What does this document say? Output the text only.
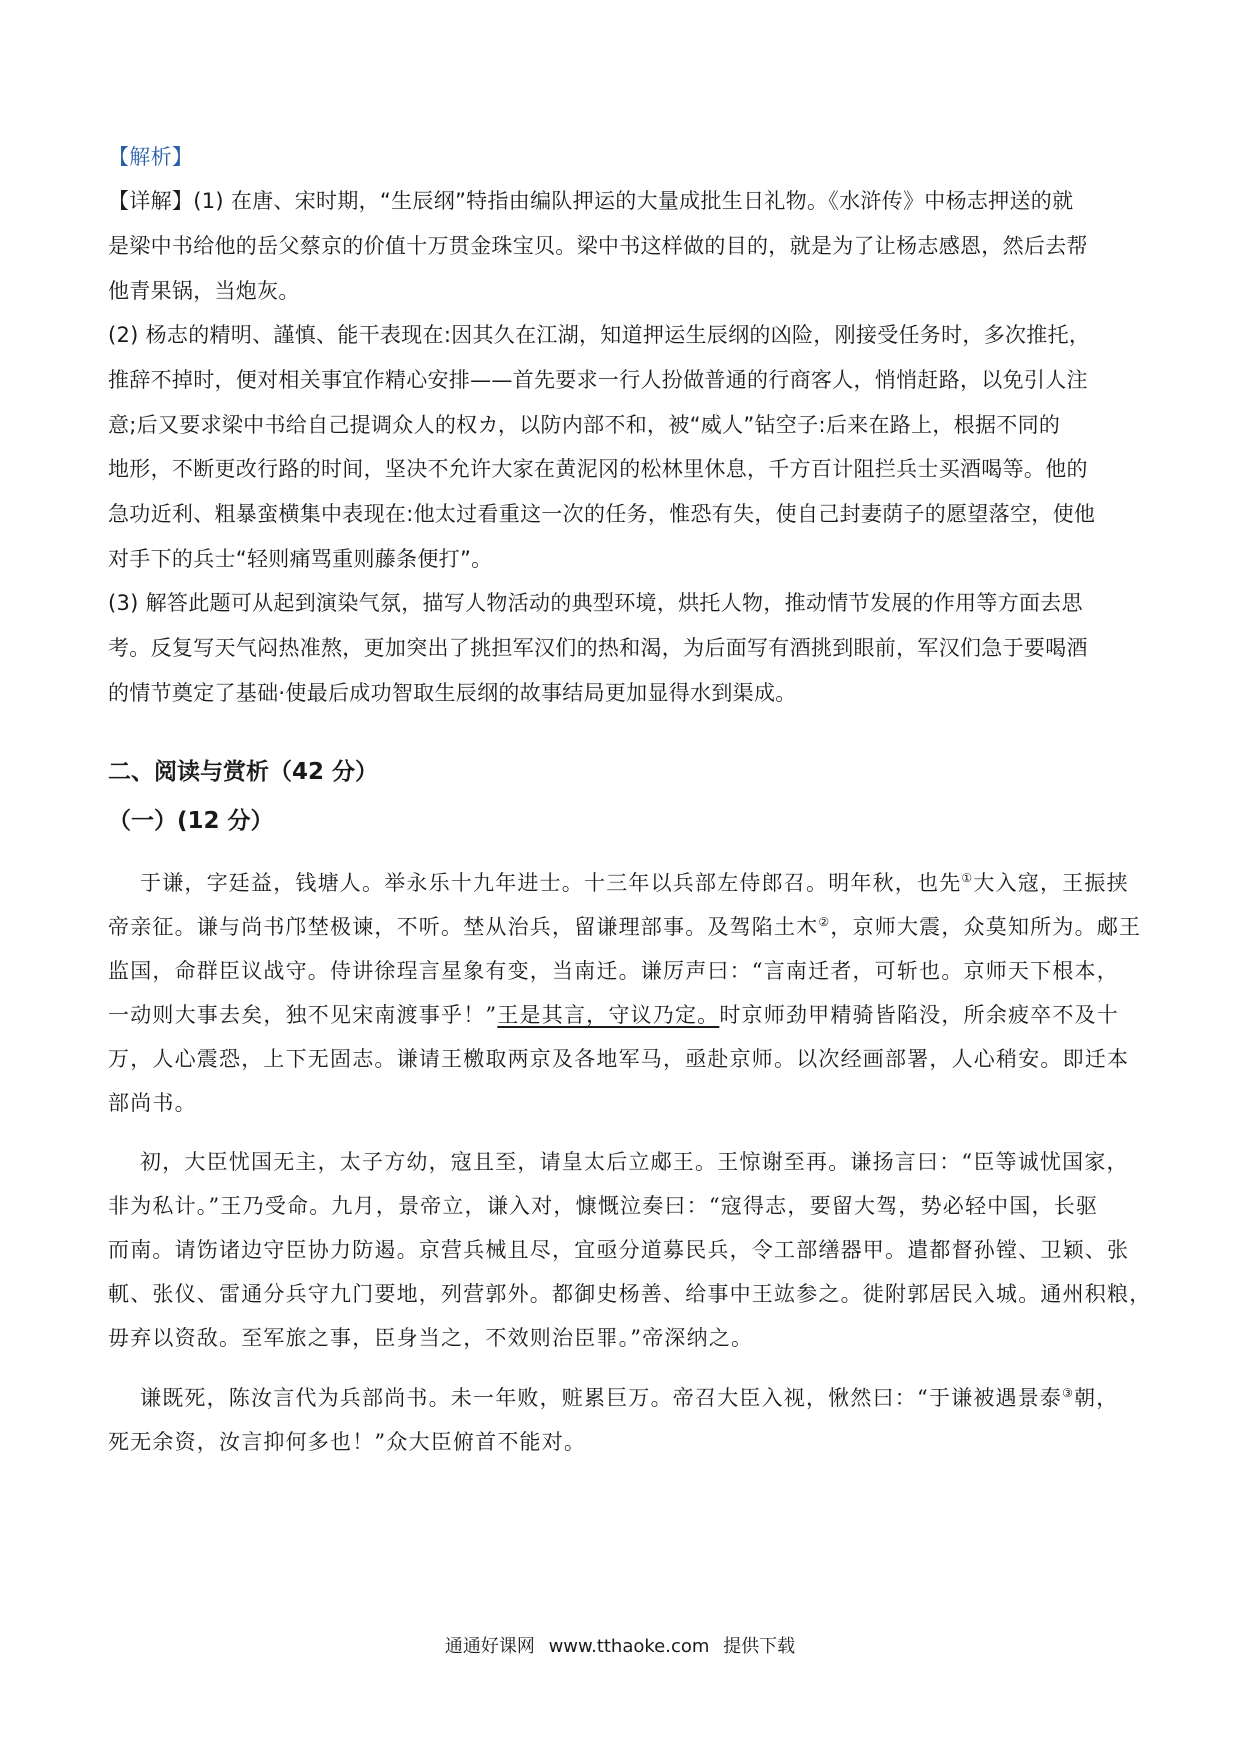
【解析】
【详解】(1) 在唐、宋时期，“生辰纲”特指由编队押运的大量成批生日礼物。《水浒传》中杨志押送的就
是梁中书给他的岳父蔡京的价值十万贯金珠宝贝。梁中书这样做的目的，就是为了让杨志感恩，然后去帮
他青果锅，当炮灰。
(2) 杨志的精明、謹慎、能干表现在:因其久在江湖，知道押运生辰纲的凶险，刚接受任务时，多次推托，
推辞不掉时，便对相关事宜作精心安排——首先要求一行人扮做普通的行商客人，悄悄赶路，以免引人注
意;后又要求梁中书给自己提调众人的权カ，以防内部不和，被“威人”钻空子:后来在路上，根据不同的
地形，不断更改行路的时间，坚决不允许大家在黄泥冈的松林里休息，千方百计阻拦兵士买酒喝等。他的
急功近利、粗暴蛮横集中表现在:他太过看重这一次的任务，惟恐有失，使自己封妻荫子的愿望落空，使他
对手下的兵士“轻则痛骂重则藤条便打”。
(3) 解答此题可从起到演染气氛，描写人物活动的典型环境，烘托人物，推动情节发展的作用等方面去思
考。反复写天气闷热准熬，更加突出了挑担军汉们的热和渴，为后面写有酒挑到眼前，军汉们急于要喝酒
的情节奠定了基础·使最后成功智取生辰纲的故事结局更加显得水到渠成。
二、阅读与赏析（42 分）
（一）(12 分）
于谦，字廷益，钱塘人。举永乐十九年进士。十三年以兵部左侍郎召。明年秋，也先①大入寇，王振挟
帝亲征。谦与尚书邝埜极谏，不听。埜从治兵，留谦理部事。及驾陷土木②，京师大震，众莫知所为。郕王
监国，命群臣议战守。侍讲徐珵言星象有变，当南迁。谦厉声曰：“言南迁者，可斩也。京师天下根本，
一动则大事去矣，独不见宋南渡事乎！”王是其言，守议乃定。时京师劲甲精骑皆陷没，所余疲卒不及十
万，人心震恐，上下无固志。谦请王檄取两京及各地军马，亟赴京师。以次经画部署，人心稍安。即迁本
部尚书。
初，大臣忧国无主，太子方幼，寇且至，请皇太后立郕王。王惊谢至再。谦扬言曰：“臣等诚忧国家，
非为私计。”王乃受命。九月，景帝立，谦入对，慷慨泣奏曰：“寇得志，要留大驾，势必轻中国，长驱
而南。请饬诸边守臣协力防遏。京营兵械且尽，宜亟分道募民兵，令工部缮器甲。遣都督孙镗、卫颖、张
軏、张仪、雷通分兵守九门要地，列营郭外。都御史杨善、给事中王竑参之。徙附郭居民入城。通州积粮，
毋弃以资敌。至军旅之事，臣身当之，不效则治臣罪。”帝深纳之。
谦既死，陈汝言代为兵部尚书。未一年败，赃累巨万。帝召大臣入视，愀然曰：“于谦被遇景泰③朝，
死无余资，汝言抑何多也！”众大臣俯首不能对。
通通好课网 www.tthaoke.com 提供下载
